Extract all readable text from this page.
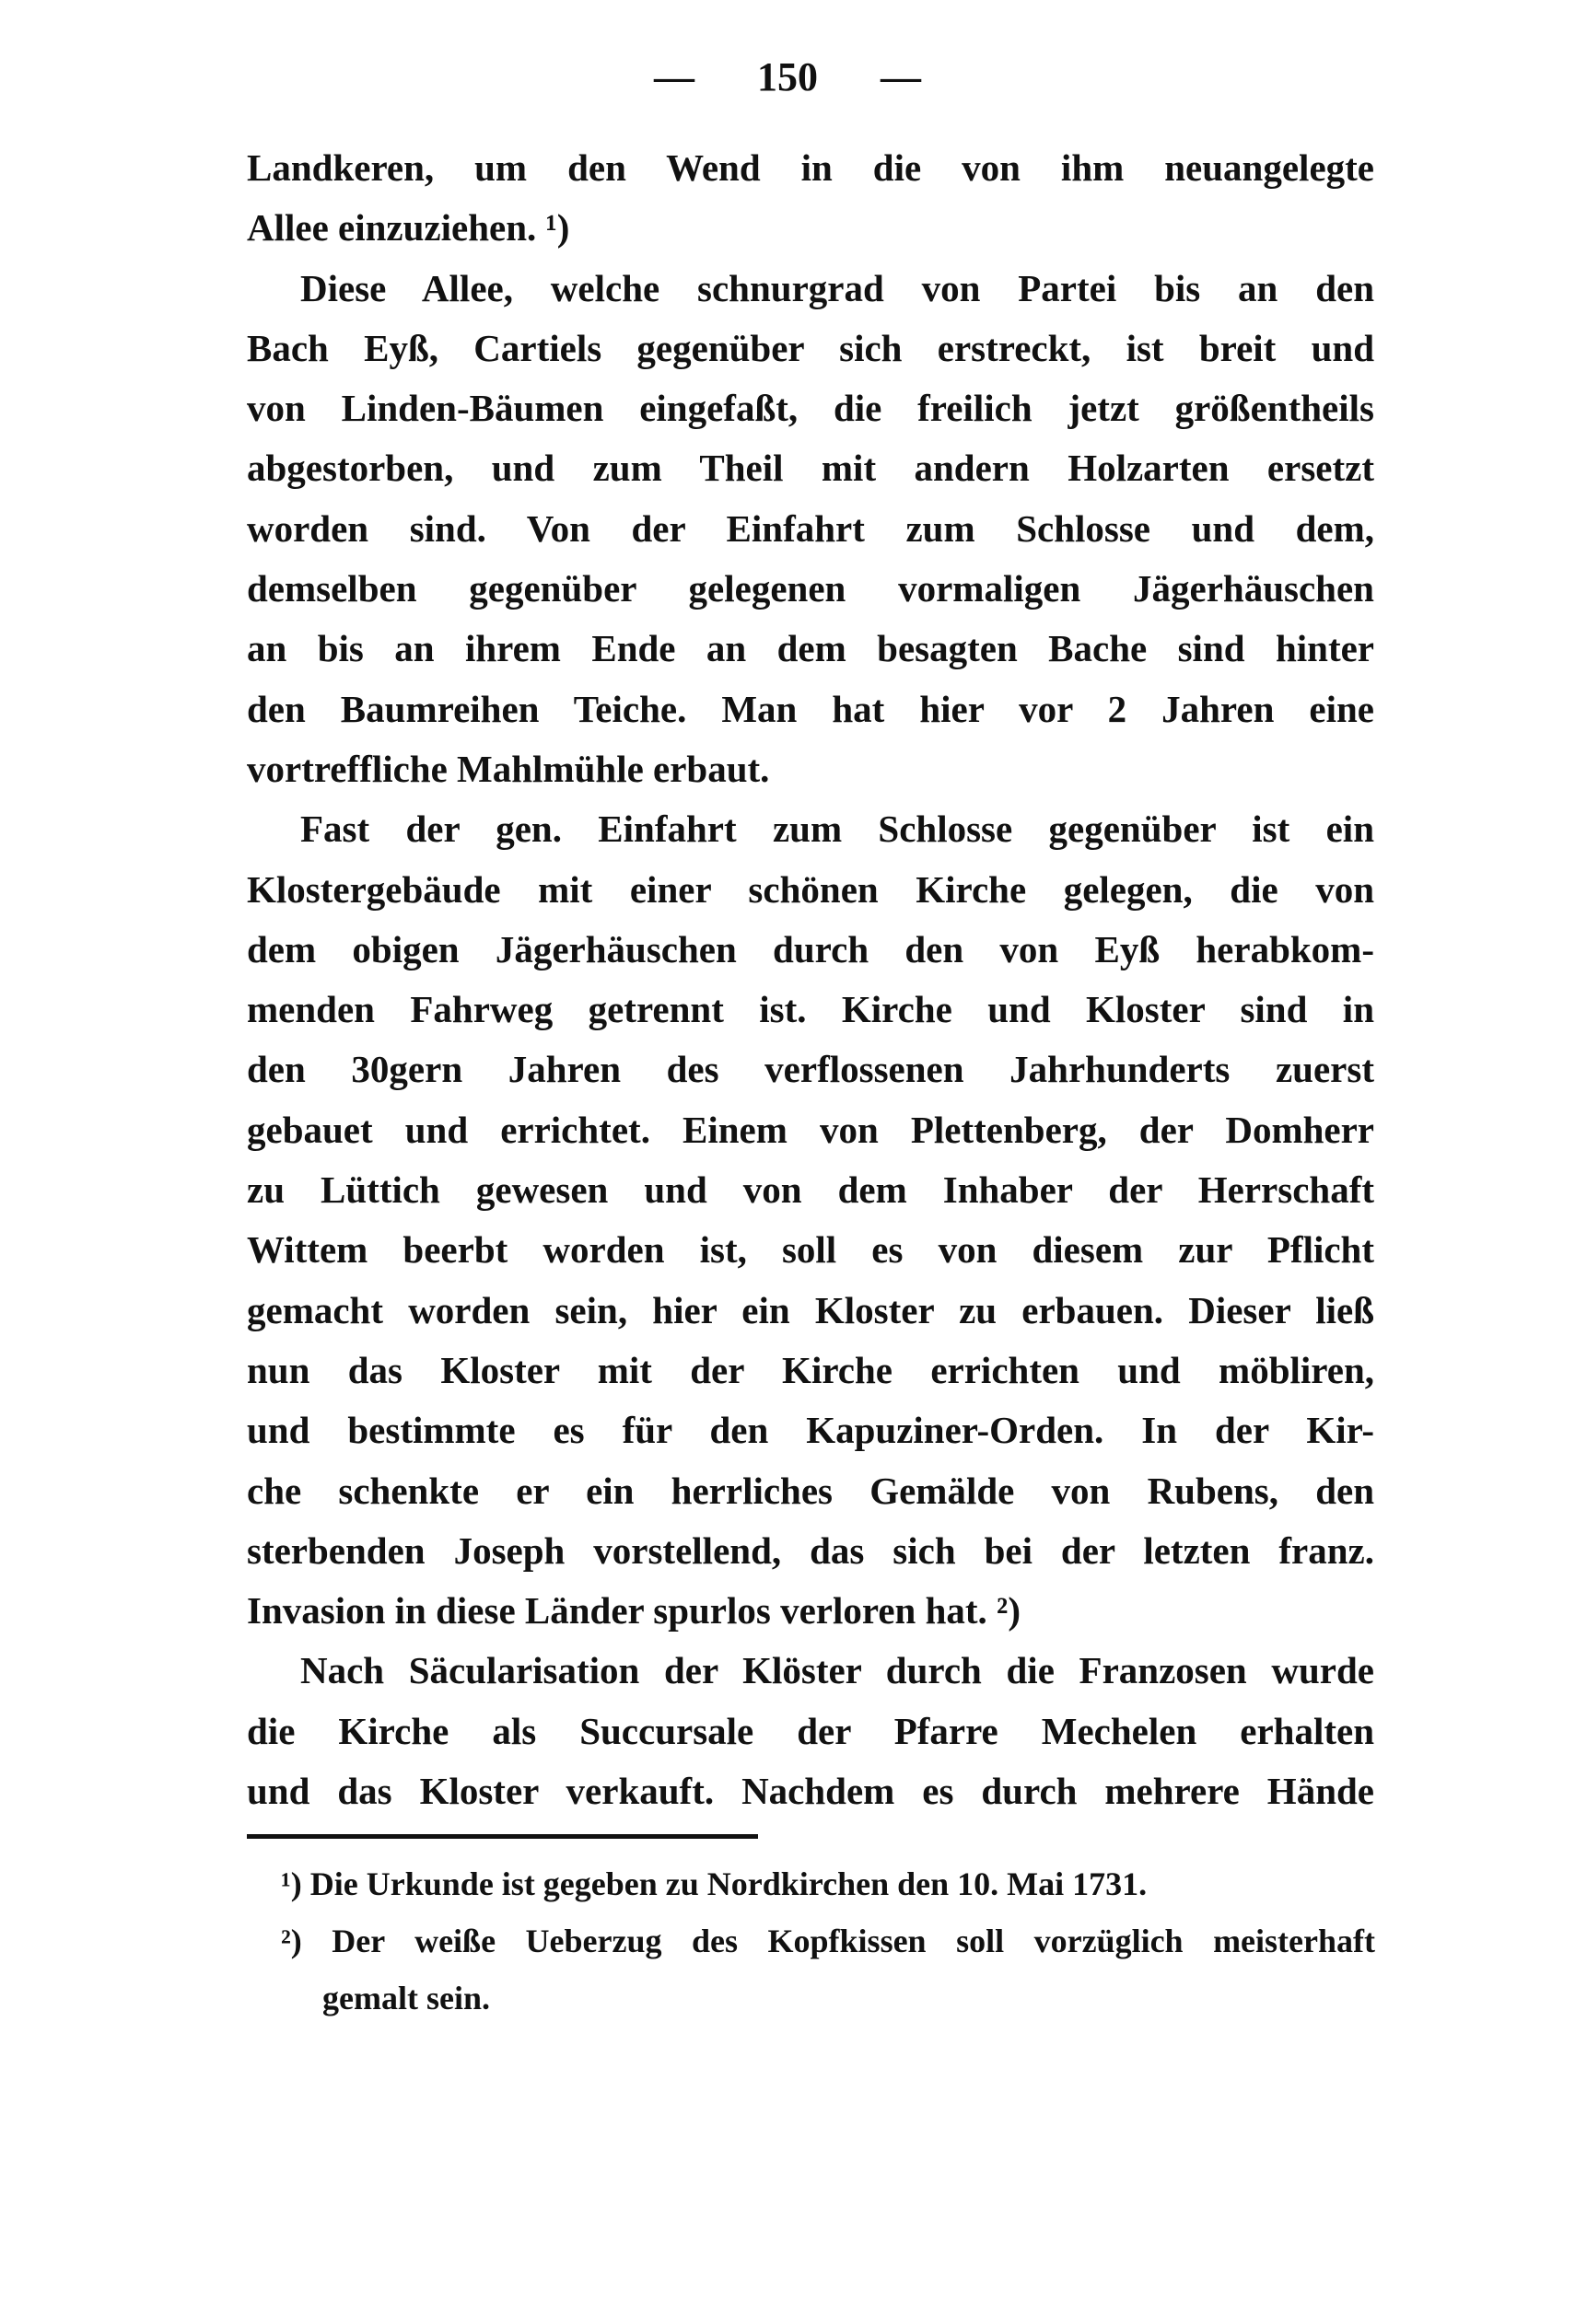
— 150 —
Landkeren, um den Wend in die von ihm neuangelegte
Allee einzuziehen. ¹)
Diese Allee, welche schnurgrad von Partei bis an den
Bach Eyß, Cartiels gegenüber sich erstreckt, ist breit und
von Linden-Bäumen eingefaßt, die freilich jetzt größentheils
abgestorben, und zum Theil mit andern Holzarten ersetzt
worden sind. Von der Einfahrt zum Schlosse und dem,
demselben gegenüber gelegenen vormaligen Jägerhäuschen
an bis an ihrem Ende an dem besagten Bache sind hinter
den Baumreihen Teiche. Man hat hier vor 2 Jahren eine
vortreffliche Mahlmühle erbaut.
Fast der gen. Einfahrt zum Schlosse gegenüber ist ein
Klostergebäude mit einer schönen Kirche gelegen, die von
dem obigen Jägerhäuschen durch den von Eyß herabkom-
menden Fahrweg getrennt ist. Kirche und Kloster sind in
den 30gern Jahren des verflossenen Jahrhunderts zuerst
gebauet und errichtet. Einem von Plettenberg, der Domherr
zu Lüttich gewesen und von dem Inhaber der Herrschaft
Wittem beerbt worden ist, soll es von diesem zur Pflicht
gemacht worden sein, hier ein Kloster zu erbauen. Dieser ließ
nun das Kloster mit der Kirche errichten und möbliren,
und bestimmte es für den Kapuziner-Orden. In der Kir-
che schenkte er ein herrliches Gemälde von Rubens, den
sterbenden Joseph vorstellend, das sich bei der letzten franz.
Invasion in diese Länder spurlos verloren hat. ²)
Nach Säcularisation der Klöster durch die Franzosen wurde
die Kirche als Succursale der Pfarre Mechelen erhalten
und das Kloster verkauft. Nachdem es durch mehrere Hände
¹) Die Urkunde ist gegeben zu Nordkirchen den 10. Mai 1731.
²) Der weiße Ueberzug des Kopfkissen soll vorzüglich meisterhaft
gemalt sein.
